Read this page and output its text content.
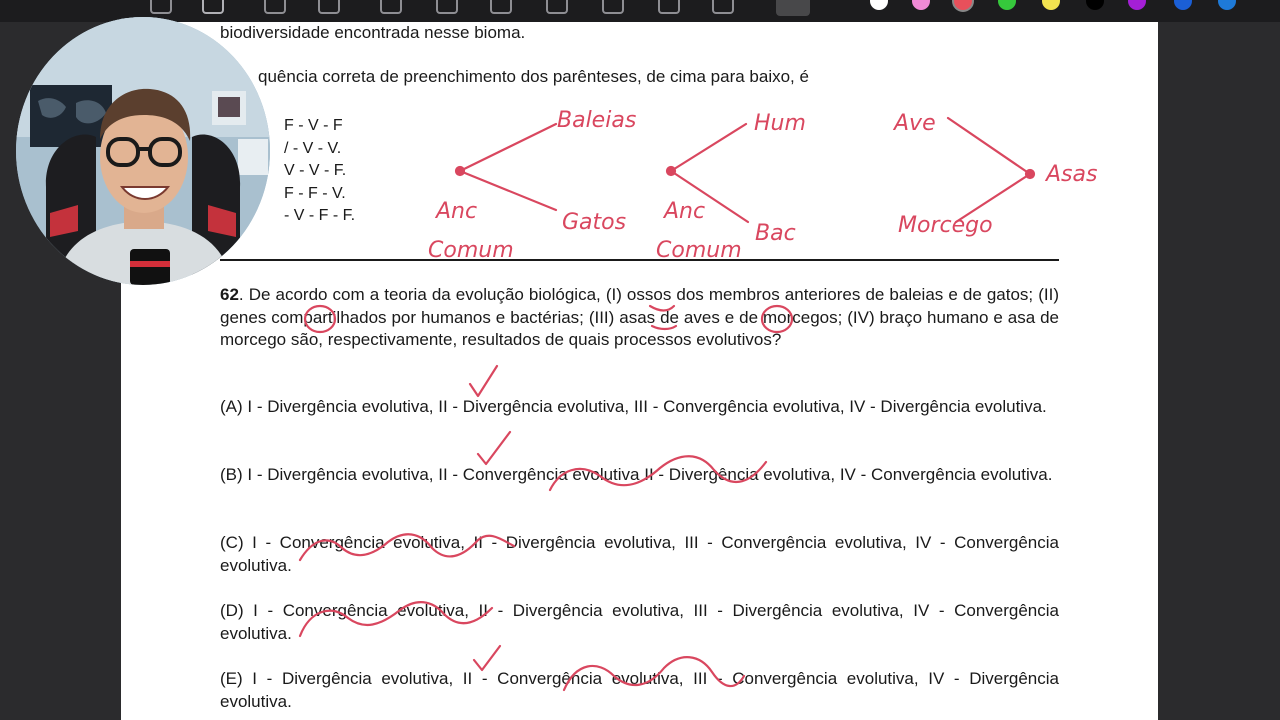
biodiversidade encontrada nesse bioma.
quência correta de preenchimento dos parênteses, de cima para baixo, é
F - V - F
/ - V - V.
V - V - F.
F - F - V.
- V - F - F.
62. De acordo com a teoria da evolução biológica, (I) ossos dos membros anteriores de baleias e de gatos; (II) genes compartilhados por humanos e bactérias; (III) asas de aves e de morcegos; (IV) braço humano e asa de morcego são, respectivamente, resultados de quais processos evolutivos?
(A) I - Divergência evolutiva, II - Divergência evolutiva, III - Convergência evolutiva, IV - Divergência evolutiva.
(B) I - Divergência evolutiva, II - Convergência evolutiva II - Divergência evolutiva, IV - Convergência evolutiva.
(C) I - Convergência evolutiva, II - Divergência evolutiva, III - Convergência evolutiva, IV - Convergência evolutiva.
(D) I - Convergência evolutiva, II - Divergência evolutiva, III - Divergência evolutiva, IV - Convergência evolutiva.
(E) I - Divergência evolutiva, II - Convergência evolutiva, III - Convergência evolutiva, IV - Divergência evolutiva.
Baleias
Gatos
Anc
Comum
Hum
Bac
Anc
Comum
Ave
Morcego
Asas
